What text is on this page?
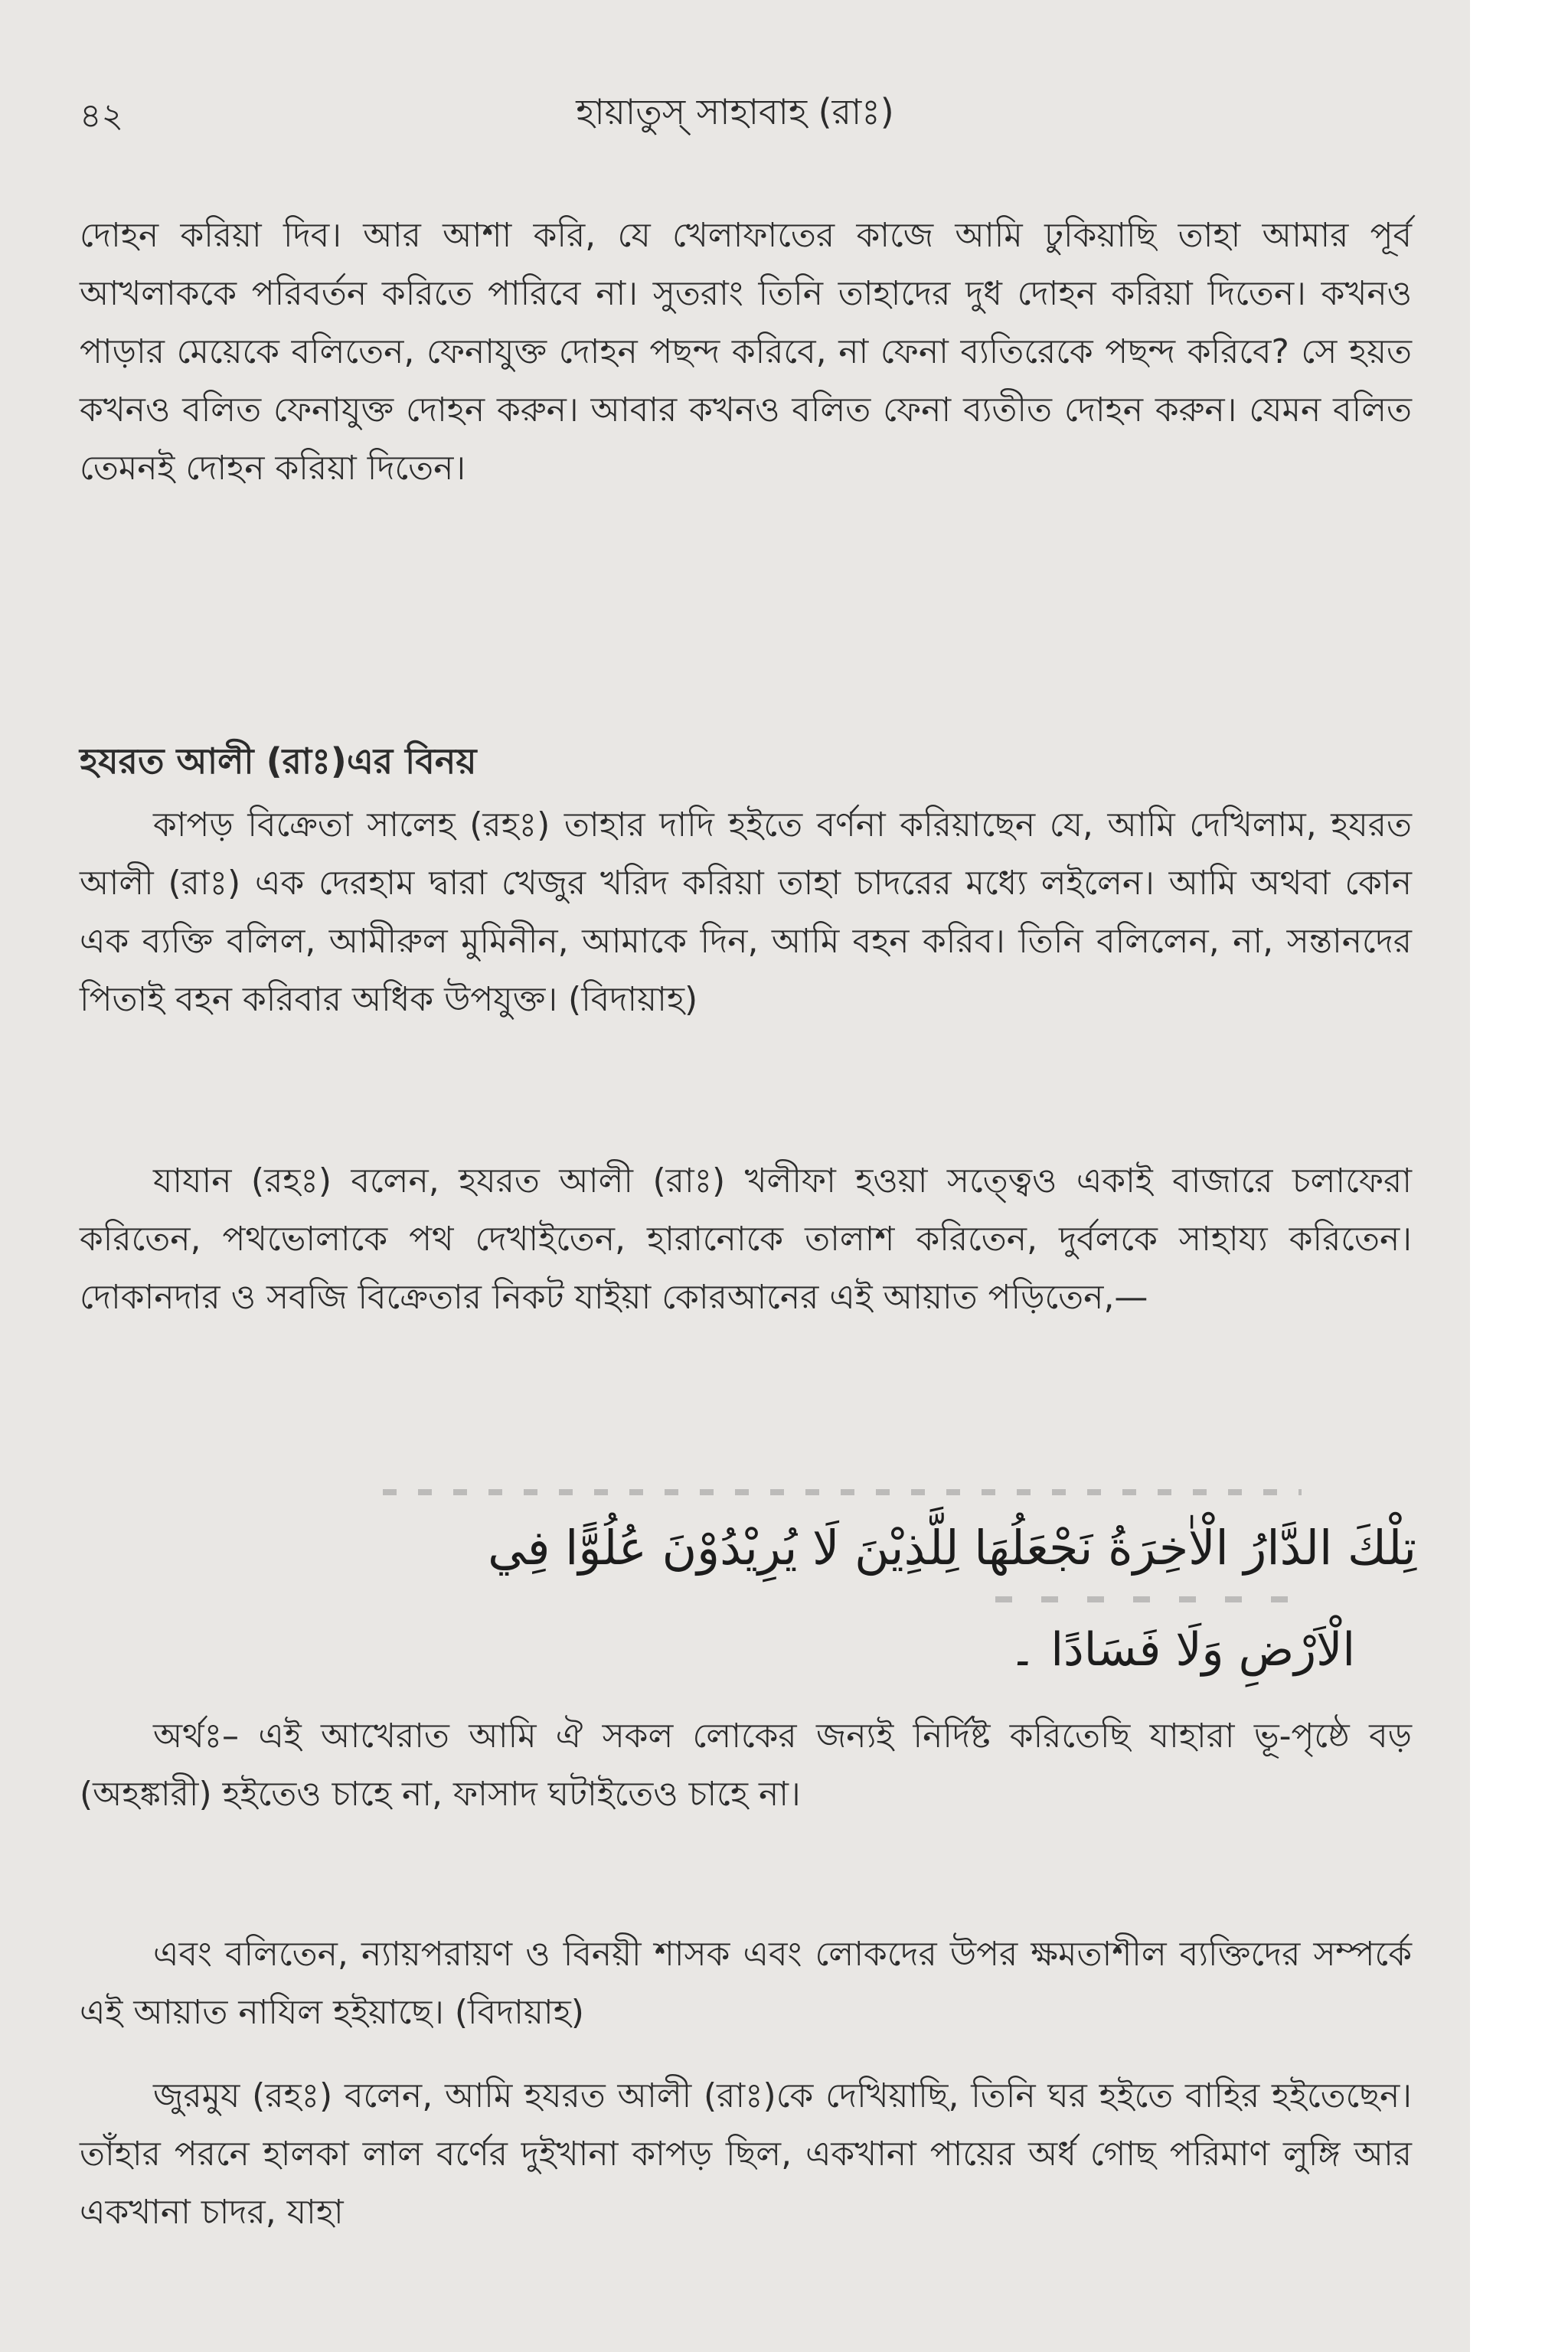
৪২	হায়াতুস্ সাহাবাহ (রাঃ)

দোহন করিয়া দিব। আর আশা করি, যে খেলাফাতের কাজে আমি ঢুকিয়াছি তাহা আমার পূর্ব আখলাককে পরিবর্তন করিতে পারিবে না। সুতরাং তিনি তাহাদের দুধ দোহন করিয়া দিতেন। কখনও পাড়ার মেয়েকে বলিতেন, ফেনাযুক্ত দোহন পছন্দ করিবে, না ফেনা ব্যতিরেকে পছন্দ করিবে? সে হয়ত কখনও বলিত ফেনাযুক্ত দোহন করুন। আবার কখনও বলিত ফেনা ব্যতীত দোহন করুন। যেমন বলিত তেমনই দোহন করিয়া দিতেন।

হযরত আলী (রাঃ)এর বিনয়

কাপড় বিক্রেতা সালেহ (রহঃ) তাহার দাদি হইতে বর্ণনা করিয়াছেন যে, আমি দেখিলাম, হযরত আলী (রাঃ) এক দেরহাম দ্বারা খেজুর খরিদ করিয়া তাহা চাদরের মধ্যে লইলেন। আমি অথবা কোন এক ব্যক্তি বলিল, আমীরুল মুমিনীন, আমাকে দিন, আমি বহন করিব। তিনি বলিলেন, না, সন্তানদের পিতাই বহন করিবার অধিক উপযুক্ত। (বিদায়াহ)

যাযান (রহঃ) বলেন, হযরত আলী (রাঃ) খলীফা হওয়া সত্ত্বেও একাই বাজারে চলাফেরা করিতেন, পথভোলাকে পথ দেখাইতেন, হারানোকে তালাশ করিতেন, দুর্বলকে সাহায্য করিতেন। দোকানদার ও সবজি বিক্রেতার নিকট যাইয়া কোরআনের এই আয়াত পড়িতেন,—

تِلْكَ الدَّارُ الْاٰخِرَةُ نَجْعَلُهَا لِلَّذِيْنَ لَا يُرِيْدُوْنَ عُلُوًّا فِي
الْاَرْضِ وَلَا فَسَادًا ۔

অর্থঃ– এই আখেরাত আমি ঐ সকল লোকের জন্যই নির্দিষ্ট করিতেছি যাহারা ভূ-পৃষ্ঠে বড় (অহঙ্কারী) হইতেও চাহে না, ফাসাদ ঘটাইতেও চাহে না।

এবং বলিতেন, ন্যায়পরায়ণ ও বিনয়ী শাসক এবং লোকদের উপর ক্ষমতাশীল ব্যক্তিদের সম্পর্কে এই আয়াত নাযিল হইয়াছে। (বিদায়াহ)

জুরমুয (রহঃ) বলেন, আমি হযরত আলী (রাঃ)কে দেখিয়াছি, তিনি ঘর হইতে বাহির হইতেছেন। তাঁহার পরনে হালকা লাল বর্ণের দুইখানা কাপড় ছিল, একখানা পায়ের অর্ধ গোছ পরিমাণ লুঙ্গি আর একখানা চাদর, যাহা
